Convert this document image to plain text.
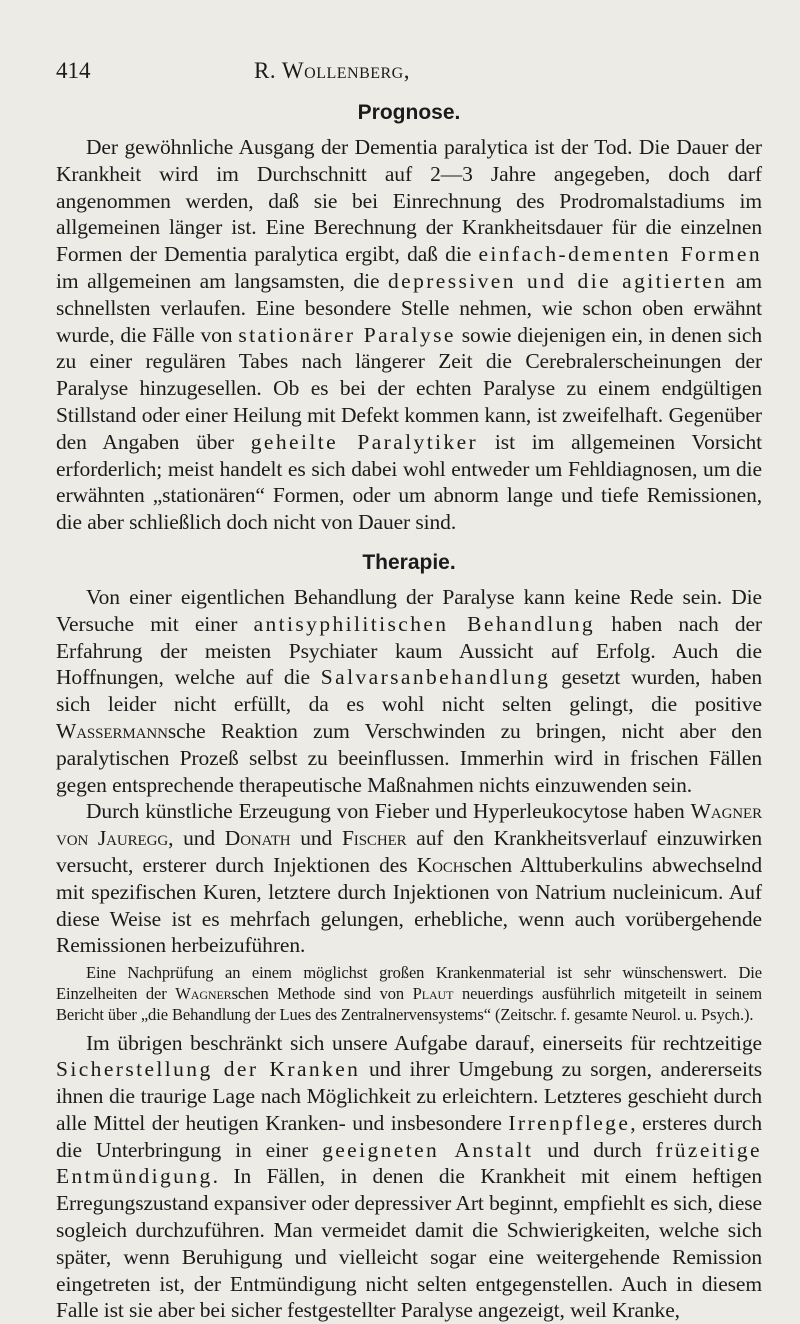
414	R. Wollenberg,
Prognose.

Der gewöhnliche Ausgang der Dementia paralytica ist der Tod. Die Dauer der Krankheit wird im Durchschnitt auf 2—3 Jahre angegeben, doch darf angenommen werden, daß sie bei Einrechnung des Prodromalstadiums im allgemeinen länger ist. Eine Berechnung der Krankheitsdauer für die einzelnen Formen der Dementia paralytica ergibt, daß die einfach-dementen Formen im allgemeinen am langsamsten, die depressiven und die agitierten am schnellsten verlaufen. Eine besondere Stelle nehmen, wie schon oben erwähnt wurde, die Fälle von stationärer Paralyse sowie diejenigen ein, in denen sich zu einer regulären Tabes nach längerer Zeit die Cerebralerscheinungen der Paralyse hinzugesellen. Ob es bei der echten Paralyse zu einem endgültigen Stillstand oder einer Heilung mit Defekt kommen kann, ist zweifelhaft. Gegenüber den Angaben über geheilte Paralytiker ist im allgemeinen Vorsicht erforderlich; meist handelt es sich dabei wohl entweder um Fehldiagnosen, um die erwähnten „stationären“ Formen, oder um abnorm lange und tiefe Remissionen, die aber schließlich doch nicht von Dauer sind.

Therapie.

Von einer eigentlichen Behandlung der Paralyse kann keine Rede sein. Die Versuche mit einer antisyphilitischen Behandlung haben nach der Erfahrung der meisten Psychiater kaum Aussicht auf Erfolg. Auch die Hoffnungen, welche auf die Salvarsanbehandlung gesetzt wurden, haben sich leider nicht erfüllt, da es wohl nicht selten gelingt, die positive Wassermannsche Reaktion zum Verschwinden zu bringen, nicht aber den paralytischen Prozeß selbst zu beeinflussen. Immerhin wird in frischen Fällen gegen entsprechende therapeutische Maßnahmen nichts einzuwenden sein.

Durch künstliche Erzeugung von Fieber und Hyperleukocytose haben Wagner von Jauregg, und Donath und Fischer auf den Krankheitsverlauf einzuwirken versucht, ersterer durch Injektionen des Kochschen Alttuberkulins abwechselnd mit spezifischen Kuren, letztere durch Injektionen von Natrium nucleinicum. Auf diese Weise ist es mehrfach gelungen, erhebliche, wenn auch vorübergehende Remissionen herbeizuführen.

Eine Nachprüfung an einem möglichst großen Krankenmaterial ist sehr wünschenswert. Die Einzelheiten der Wagnerschen Methode sind von Plaut neuerdings ausführlich mitgeteilt in seinem Bericht über „die Behandlung der Lues des Zentralnervensystems“ (Zeitschr. f. gesamte Neurol. u. Psych.).

Im übrigen beschränkt sich unsere Aufgabe darauf, einerseits für rechtzeitige Sicherstellung der Kranken und ihrer Umgebung zu sorgen, andererseits ihnen die traurige Lage nach Möglichkeit zu erleichtern. Letzteres geschieht durch alle Mittel der heutigen Kranken- und insbesondere Irrenpflege, ersteres durch die Unterbringung in einer geeigneten Anstalt und durch früzeitige Entmündigung. In Fällen, in denen die Krankheit mit einem heftigen Erregungszustand expansiver oder depressiver Art beginnt, empfiehlt es sich, diese sogleich durchzuführen. Man vermeidet damit die Schwierigkeiten, welche sich später, wenn Beruhigung und vielleicht sogar eine weitergehende Remission eingetreten ist, der Entmündigung nicht selten entgegenstellen. Auch in diesem Falle ist sie aber bei sicher festgestellter Paralyse angezeigt, weil Kranke,
